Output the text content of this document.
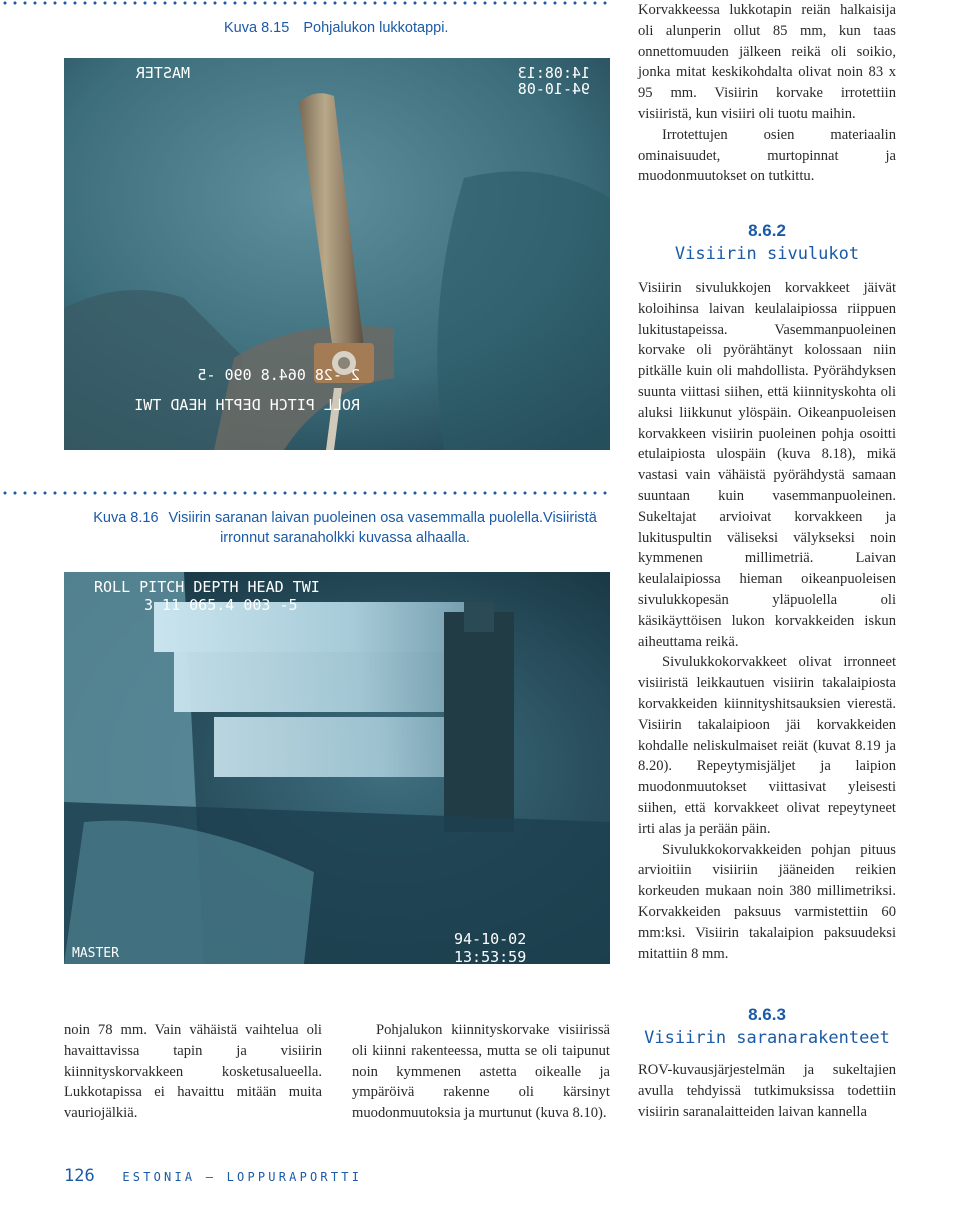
Kuva 8.15 Pohjalukon lukkotappi.
14:08:13
94-10-08
MASTER
2 -28 064.8 090 -5
ROLL PITCH DEPTH HEAD TWI
Kuva 8.16 Visiirin saranan laivan puoleinen osa vasemmalla puolella.Visiiristä
irronnut saranaholkki kuvassa alhaalla.
ROLL PITCH DEPTH HEAD TWI
3 11 065.4 003 -5
MASTER
94-10-02
13:53:59

Korvakkeessa lukkotapin reiän halkaisija oli alunperin ollut 85 mm, kun taas onnettomuuden jälkeen reikä oli soikio, jonka mitat keskikohdalta olivat noin 83 x 95 mm. Visiirin korvake irrotettiin visiiristä, kun visiiri oli tuotu maihin.

Irrotettujen osien materiaalin ominaisuudet, murtopinnat ja muodonmuutokset on tutkittu.

8.6.2
Visiirin sivulukot

Visiirin sivulukkojen korvakkeet jäivät koloihinsa laivan keulalaipiossa riippuen lukitustapeissa. Vasemmanpuoleinen korvake oli pyörähtänyt kolossaan niin pitkälle kuin oli mahdollista. Pyörähdyksen suunta viittasi siihen, että kiinnityskohta oli aluksi liikkunut ylöspäin. Oikeanpuoleisen korvakkeen visiirin puoleinen pohja osoitti etulaipiosta ulospäin (kuva 8.18), mikä vastasi vain vähäistä pyörähdystä samaan suuntaan kuin vasemmanpuoleinen. Sukeltajat arvioivat korvakkeen ja lukituspultin väliseksi välykseksi noin kymmenen millimetriä. Laivan keulalaipiossa hieman oikeanpuoleisen sivulukkopesän yläpuolella oli käsikäyttöisen lukon korvakkeiden iskun aiheuttama reikä.

Sivulukkokorvakkeet olivat irronneet visiiristä leikkautuen visiirin takalaipiosta korvakkeiden kiinnityshitsauksien vierestä. Visiirin takalaipioon jäi korvakkeiden kohdalle neliskulmaiset reiät (kuvat 8.19 ja 8.20). Repeytymisjäljet ja laipion muodonmuutokset viittasivat yleisesti siihen, että korvakkeet olivat repeytyneet irti alas ja perään päin.

Sivulukkokorvakkeiden pohjan pituus arvioitiin visiiriin jääneiden reikien korkeuden mukaan noin 380 millimetriksi. Korvakkeiden paksuus varmistettiin 60 mm:ksi. Visiirin takalaipion paksuudeksi mitattiin 8 mm.

noin 78 mm. Vain vähäistä vaihtelua oli havaittavissa tapin ja visiirin kiinnityskorvakkeen kosketusalueella. Lukkotapissa ei havaittu mitään muita vauriojälkiä.

Pohjalukon kiinnityskorvake visiirissä oli kiinni rakenteessa, mutta se oli taipunut noin kymmenen astetta oikealle ja ympäröivä rakenne oli kärsinyt muodonmuutoksia ja murtunut (kuva 8.10).

8.6.3
Visiirin saranarakenteet

ROV-kuvausjärjestelmän ja sukeltajien avulla tehdyissä tutkimuksissa todettiin visiirin saranalaitteiden laivan kannella

126 ESTONIA — LOPPURAPORTTI
